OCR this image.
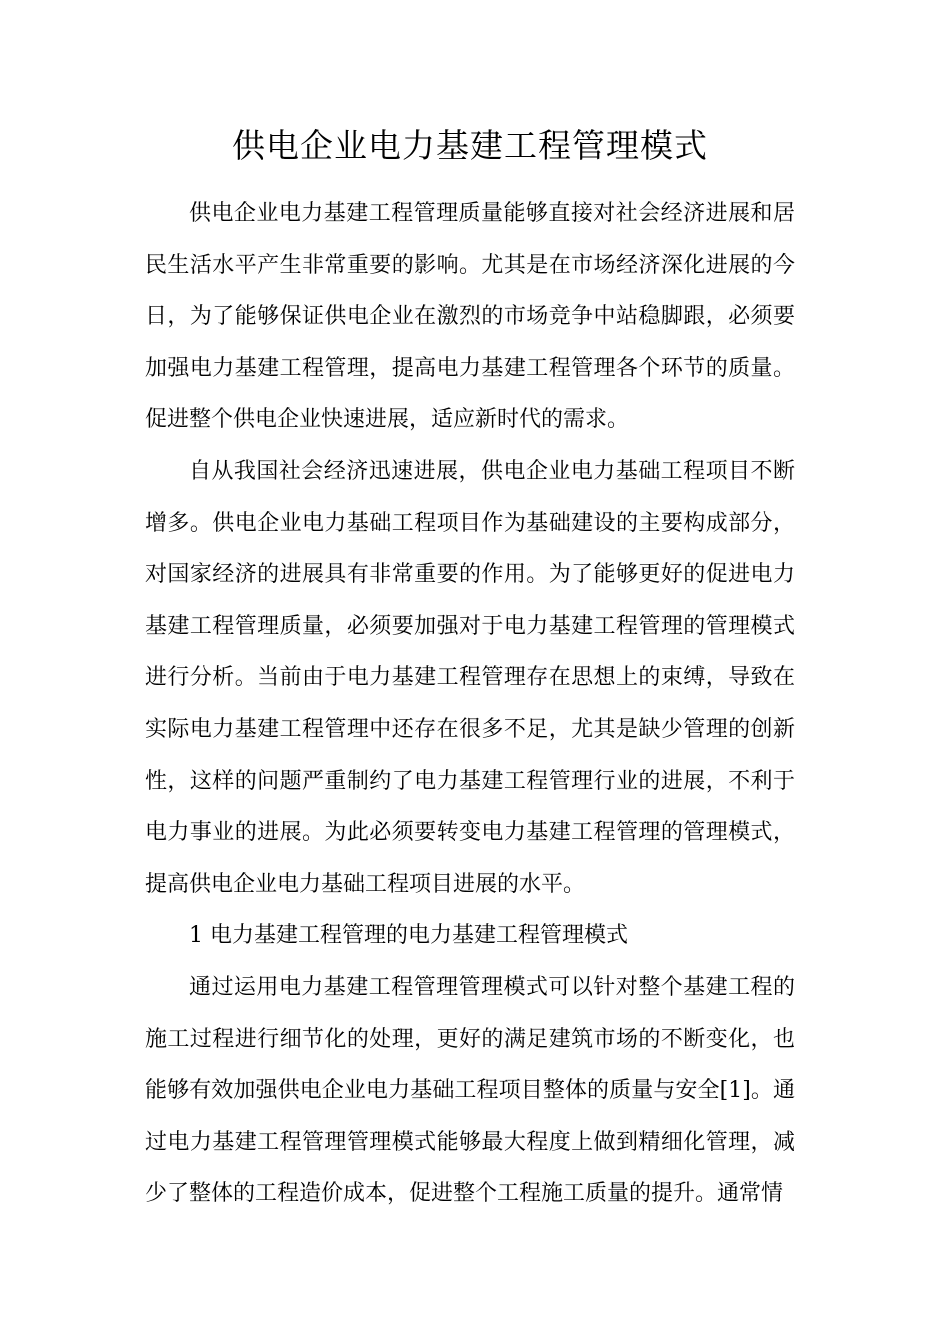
供电企业电力基建工程管理模式

供电企业电力基建工程管理质量能够直接对社会经济进展和居民生活水平产生非常重要的影响。尤其是在市场经济深化进展的今日，为了能够保证供电企业在激烈的市场竞争中站稳脚跟，必须要加强电力基建工程管理，提高电力基建工程管理各个环节的质量。促进整个供电企业快速进展，适应新时代的需求。

自从我国社会经济迅速进展，供电企业电力基础工程项目不断增多。供电企业电力基础工程项目作为基础建设的主要构成部分，对国家经济的进展具有非常重要的作用。为了能够更好的促进电力基建工程管理质量，必须要加强对于电力基建工程管理的管理模式进行分析。当前由于电力基建工程管理存在思想上的束缚，导致在实际电力基建工程管理中还存在很多不足，尤其是缺少管理的创新性，这样的问题严重制约了电力基建工程管理行业的进展，不利于电力事业的进展。为此必须要转变电力基建工程管理的管理模式，提高供电企业电力基础工程项目进展的水平。

1 电力基建工程管理的电力基建工程管理模式

通过运用电力基建工程管理管理模式可以针对整个基建工程的施工过程进行细节化的处理，更好的满足建筑市场的不断变化，也能够有效加强供电企业电力基础工程项目整体的质量与安全[1]。通过电力基建工程管理管理模式能够最大程度上做到精细化管理，减少了整体的工程造价成本，促进整个工程施工质量的提升。通常情
